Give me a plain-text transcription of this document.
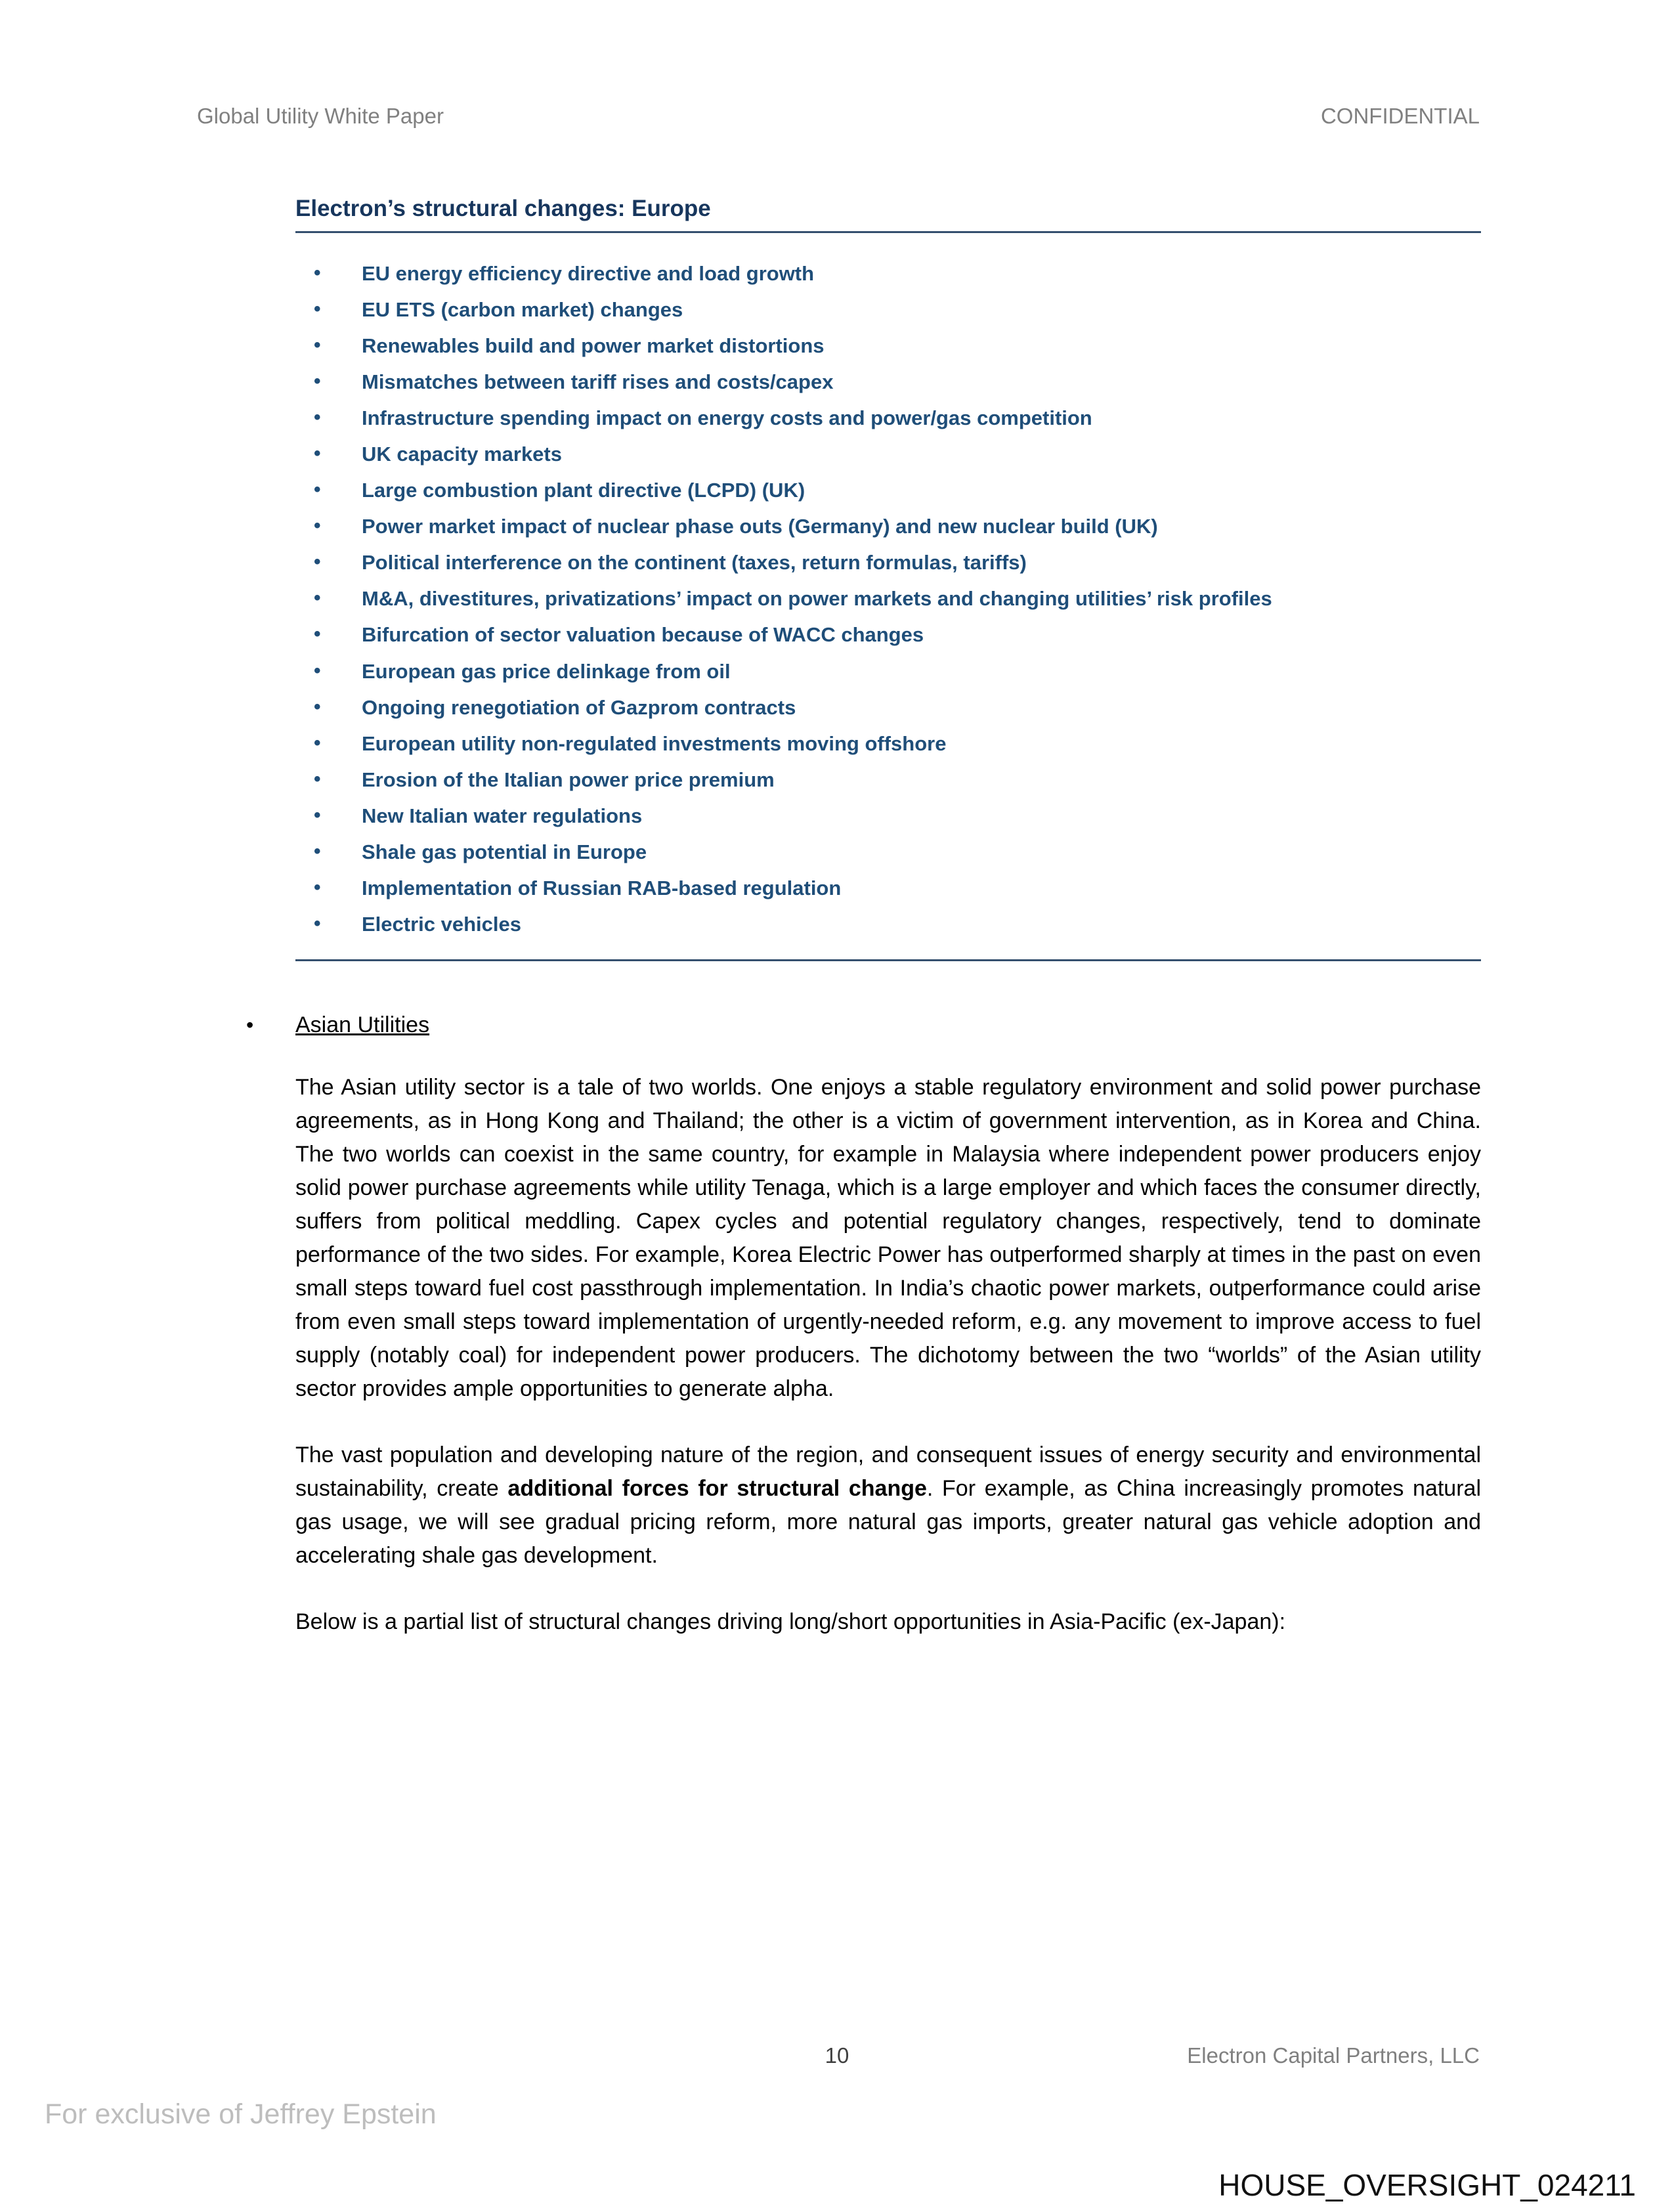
Global Utility White Paper	CONFIDENTIAL
Electron’s structural changes: Europe
• EU energy efficiency directive and load growth
• EU ETS (carbon market) changes
• Renewables build and power market distortions
• Mismatches between tariff rises and costs/capex
• Infrastructure spending impact on energy costs and power/gas competition
• UK capacity markets
• Large combustion plant directive (LCPD) (UK)
• Power market impact of nuclear phase outs (Germany) and new nuclear build (UK)
• Political interference on the continent (taxes, return formulas, tariffs)
• M&A, divestitures, privatizations’ impact on power markets and changing utilities’ risk profiles
• Bifurcation of sector valuation because of WACC changes
• European gas price delinkage from oil
• Ongoing renegotiation of Gazprom contracts
• European utility non-regulated investments moving offshore
• Erosion of the Italian power price premium
• New Italian water regulations
• Shale gas potential in Europe
• Implementation of Russian RAB-based regulation
• Electric vehicles
•	Asian Utilities

The Asian utility sector is a tale of two worlds. One enjoys a stable regulatory environment and solid power purchase agreements, as in Hong Kong and Thailand; the other is a victim of government intervention, as in Korea and China. The two worlds can coexist in the same country, for example in Malaysia where independent power producers enjoy solid power purchase agreements while utility Tenaga, which is a large employer and which faces the consumer directly, suffers from political meddling. Capex cycles and potential regulatory changes, respectively, tend to dominate performance of the two sides. For example, Korea Electric Power has outperformed sharply at times in the past on even small steps toward fuel cost passthrough implementation. In India’s chaotic power markets, outperformance could arise from even small steps toward implementation of urgently-needed reform, e.g. any movement to improve access to fuel supply (notably coal) for independent power producers. The dichotomy between the two “worlds” of the Asian utility sector provides ample opportunities to generate alpha.

The vast population and developing nature of the region, and consequent issues of energy security and environmental sustainability, create additional forces for structural change. For example, as China increasingly promotes natural gas usage, we will see gradual pricing reform, more natural gas imports, greater natural gas vehicle adoption and accelerating shale gas development.

Below is a partial list of structural changes driving long/short opportunities in Asia-Pacific (ex-Japan):

10	Electron Capital Partners, LLC
For exclusive of Jeffrey Epstein
HOUSE_OVERSIGHT_024211
